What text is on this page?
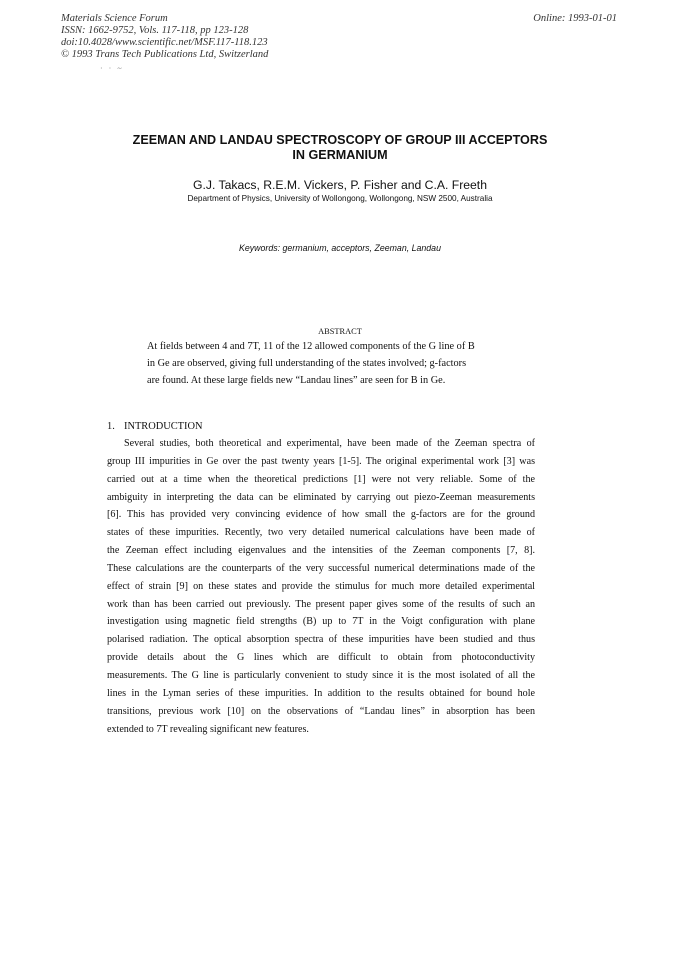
Materials Science Forum
ISSN: 1662-9752, Vols. 117-118, pp 123-128
doi:10.4028/www.scientific.net/MSF.117-118.123
© 1993 Trans Tech Publications Ltd, Switzerland
Online: 1993-01-01
· · ~
ZEEMAN AND LANDAU SPECTROSCOPY OF GROUP III ACCEPTORS
IN GERMANIUM
G.J. Takacs, R.E.M. Vickers, P. Fisher and C.A. Freeth
Department of Physics, University of Wollongong, Wollongong, NSW 2500, Australia
Keywords: germanium, acceptors, Zeeman, Landau
ABSTRACT
At fields between 4 and 7T, 11 of the 12 allowed components of the G line of B
in Ge are observed, giving full understanding of the states involved; g-factors
are found. At these large fields new “Landau lines” are seen for B in Ge.
1. INTRODUCTION
Several studies, both theoretical and experimental, have been made of the Zeeman spectra of
group III impurities in Ge over the past twenty years [1-5]. The original experimental work [3] was
carried out at a time when the theoretical predictions [1] were not very reliable. Some of the
ambiguity in interpreting the data can be eliminated by carrying out piezo-Zeeman measurements
[6]. This has provided very convincing evidence of how small the g-factors are for the ground
states of these impurities. Recently, two very detailed numerical calculations have been made of
the Zeeman effect including eigenvalues and the intensities of the Zeeman components [7, 8].
These calculations are the counterparts of the very successful numerical determinations made of the
effect of strain [9] on these states and provide the stimulus for much more detailed experimental
work than has been carried out previously. The present paper gives some of the results of such an
investigation using magnetic field strengths (B) up to 7T in the Voigt configuration with plane
polarised radiation. The optical absorption spectra of these impurities have been studied and thus
provide details about the G lines which are difficult to obtain from photoconductivity
measurements. The G line is particularly convenient to study since it is the most isolated of all the
lines in the Lyman series of these impurities. In addition to the results obtained for bound hole
transitions, previous work [10] on the observations of “Landau lines” in absorption has been
extended to 7T revealing significant new features.
